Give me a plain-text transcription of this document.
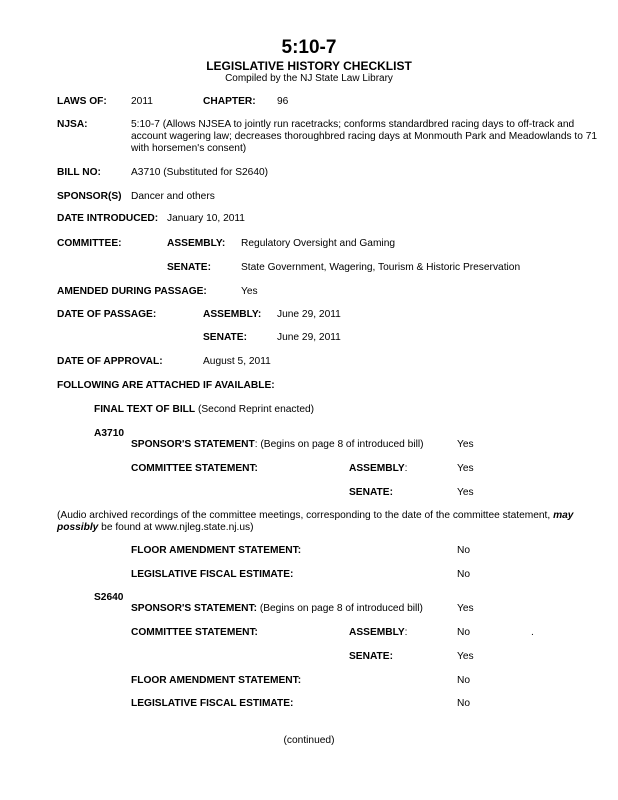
5:10-7
LEGISLATIVE HISTORY CHECKLIST
Compiled by the NJ State Law Library
LAWS OF: 2011	CHAPTER: 96
NJSA:	5:10-7 (Allows NJSEA to jointly run racetracks; conforms standardbred racing days to off-track and account wagering law; decreases thoroughbred racing days at Monmouth Park and Meadowlands to 71 with horsemen's consent)
BILL NO:	A3710 (Substituted for S2640)
SPONSOR(S) Dancer and others
DATE INTRODUCED: January 10, 2011
COMMITTEE:	ASSEMBLY: Regulatory Oversight and Gaming
SENATE:	State Government, Wagering, Tourism & Historic Preservation
AMENDED DURING PASSAGE:	Yes
DATE OF PASSAGE:	ASSEMBLY: June 29, 2011
SENATE:	June 29, 2011
DATE OF APPROVAL:	August 5, 2011
FOLLOWING ARE ATTACHED IF AVAILABLE:
FINAL TEXT OF BILL (Second Reprint enacted)
A3710
SPONSOR'S STATEMENT: (Begins on page 8 of introduced bill)	Yes
COMMITTEE STATEMENT:	ASSEMBLY:	Yes
SENATE:	Yes
(Audio archived recordings of the committee meetings, corresponding to the date of the committee statement, may possibly be found at www.njleg.state.nj.us)
FLOOR AMENDMENT STATEMENT:	No
LEGISLATIVE FISCAL ESTIMATE:	No
S2640
SPONSOR'S STATEMENT: (Begins on page 8 of introduced bill)	Yes
COMMITTEE STATEMENT:	ASSEMBLY:	No	.
SENATE:	Yes
FLOOR AMENDMENT STATEMENT:	No
LEGISLATIVE FISCAL ESTIMATE:	No
(continued)
